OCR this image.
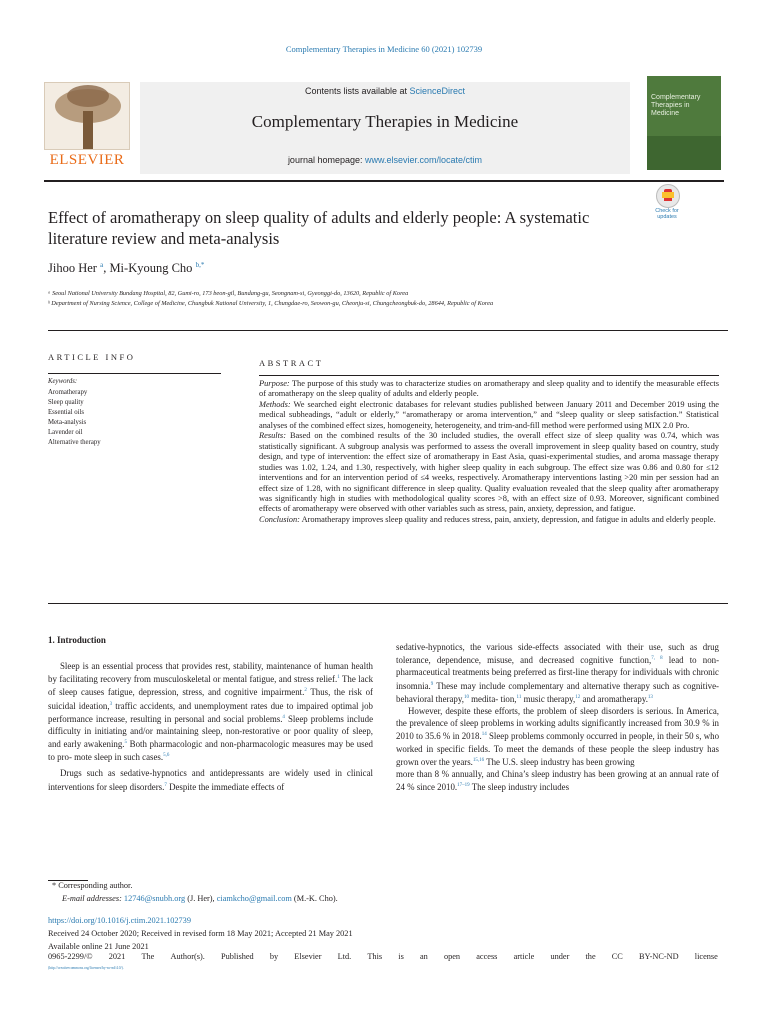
Complementary Therapies in Medicine 60 (2021) 102739
ELSEVIER
Contents lists available at ScienceDirect
Complementary Therapies in Medicine
journal homepage: www.elsevier.com/locate/ctim
Complementary Therapies in Medicine
Effect of aromatherapy on sleep quality of adults and elderly people: A systematic literature review and meta-analysis
Check for updates
Jihoo Her $^a$, Mi-Kyoung Cho $^{b,*}$
ᵃ Seoul National University Bundang Hospital, 82, Gumi-ro, 173 beon-gil, Bundang-gu, Seongnam-si, Gyeonggi-do, 13620, Republic of Korea
ᵇ Department of Nursing Science, College of Medicine, Chungbuk National University, 1, Chungdae-ro, Seowon-gu, Cheonju-si, Chungcheongbuk-do, 28644, Republic of Korea
ARTICLE INFO
Keywords:
Aromatherapy
Sleep quality
Essential oils
Meta-analysis
Lavender oil
Alternative therapy
ABSTRACT

Purpose: The purpose of this study was to characterize studies on aromatherapy and sleep quality and to identify the measurable effects of aromatherapy on the sleep quality of adults and elderly people.

Methods: We searched eight electronic databases for relevant studies published between January 2011 and December 2019 using the medical subheadings, “adult or elderly,” “aromatherapy or aroma intervention,” and “sleep quality or sleep satisfaction.” Statistical analyses of the combined effect sizes, homogeneity, heterogeneity, and trim-and-fill method were performed using MIX 2.0 Pro.

Results: Based on the combined results of the 30 included studies, the overall effect size of sleep quality was 0.74, which was statistically significant. A subgroup analysis was performed to assess the overall improvement in sleep quality based on country, study design, and type of intervention: the effect size of aromatherapy in East Asia, quasi-experimental studies, and aroma massage therapy studies was 1.02, 1.24, and 1.30, respectively, with higher sleep quality in each subgroup. The effect size was 0.86 and 0.80 for ≤12 interventions and for an intervention period of ≤4 weeks, respectively. Aromatherapy interventions lasting >20 min per session had an effect size of 1.28, with no significant difference in sleep quality. Quality evaluation revealed that the sleep quality after aromatherapy was significantly high in studies with methodological quality scores >8, with an effect size of 0.93. Moreover, significant combined effects of aromatherapy were observed with other variables such as stress, pain, anxiety, depression, and fatigue.

Conclusion: Aromatherapy improves sleep quality and reduces stress, pain, anxiety, depression, and fatigue in adults and elderly people.

1. Introduction

Sleep is an essential process that provides rest, stability, maintenance of human health by facilitating recovery from musculoskeletal or mental fatigue, and stress relief.$^1$ The lack of sleep causes fatigue, depression, stress, and cognitive impairment.$^2$ Thus, the risk of suicidal ideation,$^3$ traffic accidents, and unemployment rates due to impaired optimal job performance increase, resulting in personal and social problems.$^4$ Sleep problems include difficulty in initiating and/or maintaining sleep, non-restorative or poor quality of sleep, and early awakening.$^5$ Both pharmacologic and non-pharmacologic measures may be used to pro- mote sleep in such cases.$^{5,6}$

Drugs such as sedative-hypnotics and antidepressants are widely used in clinical interventions for sleep disorders.$^7$ Despite the immediate effects of

sedative-hypnotics, the various side-effects associated with their use, such as drug tolerance, dependence, misuse, and decreased cognitive function,$^{7, 8}$ lead to non-pharmaceutical treatments being preferred as first-line therapy for individuals with chronic insomnia.$^9$ These may include complementary and alternative therapy such as cognitive-behavioral therapy,$^{10}$ medita- tion,$^{11}$ music therapy,$^{12}$ and aromatherapy.$^{13}$

However, despite these efforts, the problem of sleep disorders is serious. In America, the prevalence of sleep problems in working adults significantly increased from 30.9 % in 2010 to 35.6 % in 2018.14 Sleep problems commonly occurred in people, in their 50 s, who worked in specific fields. To meet the demands of these people the sleep industry has grown over the years.$^{15,16}$ The U.S. sleep industry has been growing

more than 8 % annually, and China’s sleep industry has been growing at an annual rate of 24 % since 2010.$^{17-19}$ The sleep industry includes

* Corresponding author.
E-mail addresses: 12746@snubh.org (J. Her), ciamkcho@gmail.com (M.-K. Cho).
https://doi.org/10.1016/j.ctim.2021.102739
Received 24 October 2020; Received in revised form 18 May 2021; Accepted 21 May 2021
Available online 21 June 2021
0965-2299/© 2021 The Author(s). Published by Elsevier Ltd. This is an open access article under the CC BY-NC-ND license
(http://creativecommons.org/licenses/by-nc-nd/4.0/).
